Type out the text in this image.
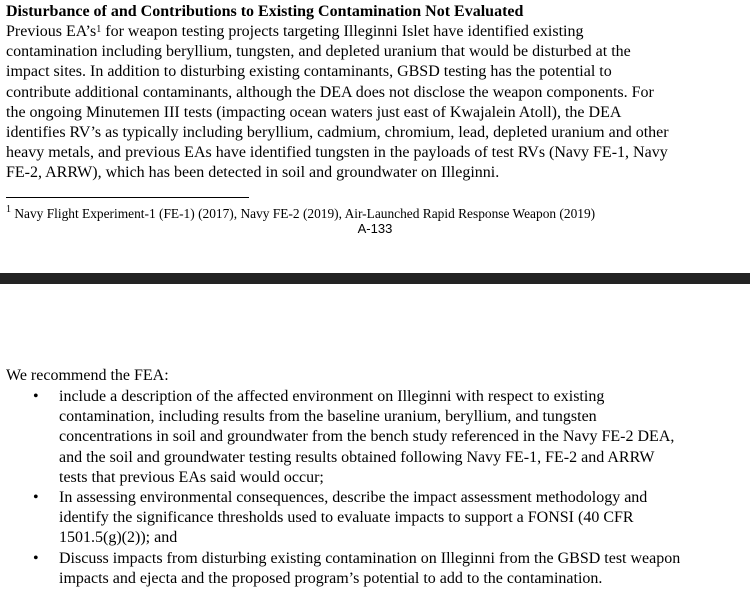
Disturbance of and Contributions to Existing Contamination Not Evaluated
Previous $EA’s^1$ for weapon testing projects targeting Illeginni Islet have identified existing
contamination including beryllium, tungsten, and depleted uranium that would be disturbed at the
impact sites. In addition to disturbing existing contaminants, GBSD testing has the potential to
contribute additional contaminants, although the DEA does not disclose the weapon components. For
the ongoing Minutemen III tests (impacting ocean waters just east of Kwajalein Atoll), the DEA
identifies RV’s as typically including beryllium, cadmium, chromium, lead, depleted uranium and other
heavy metals, and previous EAs have identified tungsten in the payloads of test RVs (Navy FE-1, Navy
FE-2, ARRW), which has been detected in soil and groundwater on Illeginni.
$^1$ Navy Flight Experiment-1 (FE-1) (2017), Navy FE-2 (2019), Air-Launched Rapid Response Weapon (2019)
A-133
We recommend the FEA:
• include a description of the affected environment on Illeginni with respect to existing
contamination, including results from the baseline uranium, beryllium, and tungsten
concentrations in soil and groundwater from the bench study referenced in the Navy FE-2 DEA,
and the soil and groundwater testing results obtained following Navy FE-1, FE-2 and ARRW
tests that previous EAs said would occur;
• In assessing environmental consequences, describe the impact assessment methodology and
identify the significance thresholds used to evaluate impacts to support a FONSI (40 CFR
1501.5(g)(2)); and
• Discuss impacts from disturbing existing contamination on Illeginni from the GBSD test weapon
impacts and ejecta and the proposed program’s potential to add to the contamination.
